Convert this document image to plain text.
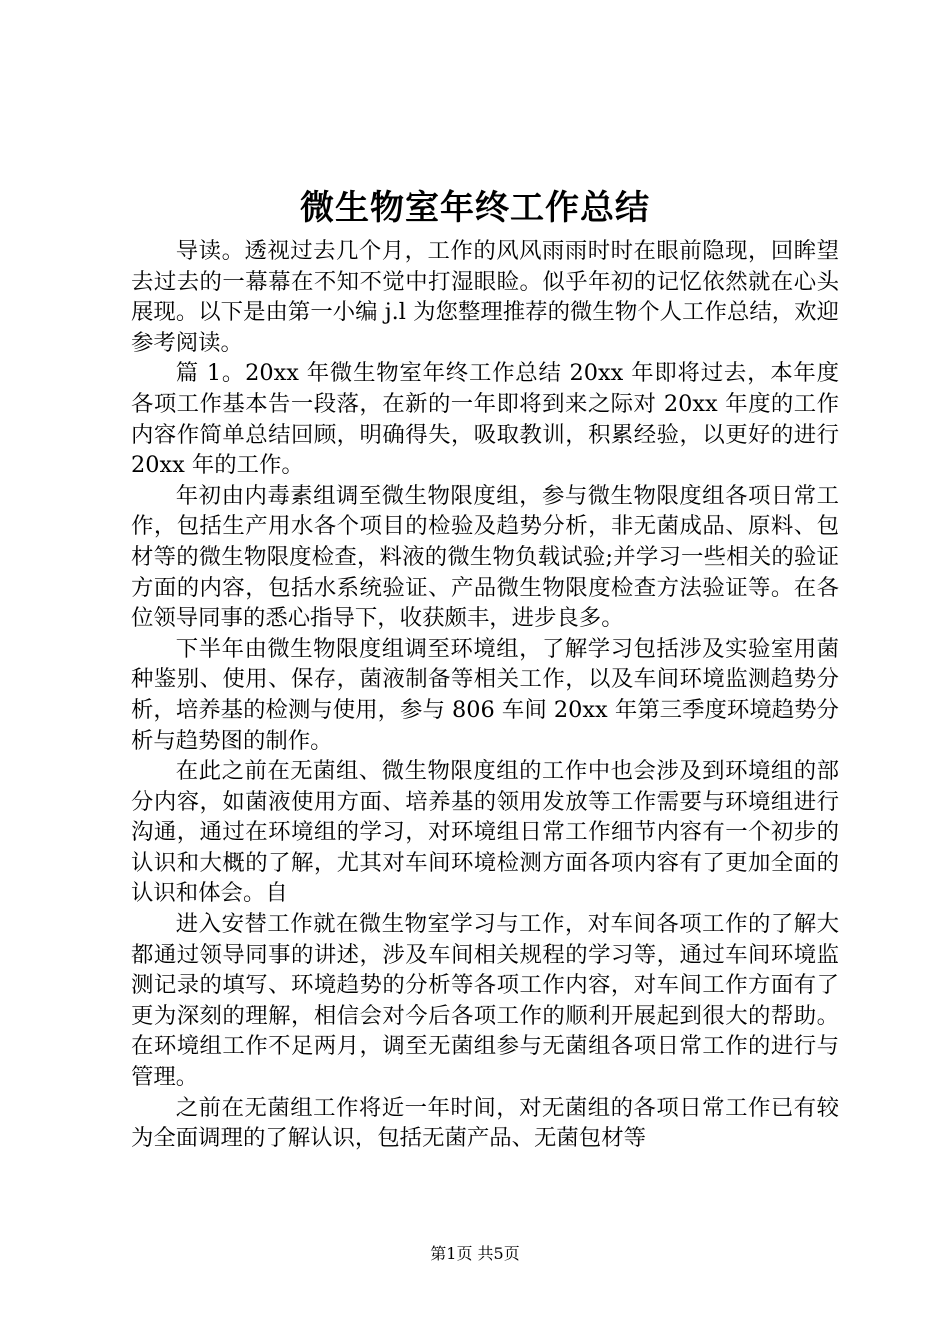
微生物室年终工作总结

导读。透视过去几个月，工作的风风雨雨时时在眼前隐现，回眸望去过去的一幕幕在不知不觉中打湿眼睑。似乎年初的记忆依然就在心头展现。以下是由第一小编 j.l 为您整理推荐的微生物个人工作总结，欢迎参考阅读。

篇 1。20xx 年微生物室年终工作总结 20xx 年即将过去，本年度各项工作基本告一段落，在新的一年即将到来之际对 20xx 年度的工作内容作简单总结回顾，明确得失，吸取教训，积累经验，以更好的进行 20xx 年的工作。

年初由内毒素组调至微生物限度组，参与微生物限度组各项日常工作，包括生产用水各个项目的检验及趋势分析，非无菌成品、原料、包材等的微生物限度检查，料液的微生物负载试验;并学习一些相关的验证方面的内容，包括水系统验证、产品微生物限度检查方法验证等。在各位领导同事的悉心指导下，收获颇丰，进步良多。

下半年由微生物限度组调至环境组，了解学习包括涉及实验室用菌种鉴别、使用、保存，菌液制备等相关工作，以及车间环境监测趋势分析，培养基的检测与使用，参与 806 车间 20xx 年第三季度环境趋势分析与趋势图的制作。

在此之前在无菌组、微生物限度组的工作中也会涉及到环境组的部分内容，如菌液使用方面、培养基的领用发放等工作需要与环境组进行沟通，通过在环境组的学习，对环境组日常工作细节内容有一个初步的认识和大概的了解，尤其对车间环境检测方面各项内容有了更加全面的认识和体会。自

进入安替工作就在微生物室学习与工作，对车间各项工作的了解大都通过领导同事的讲述，涉及车间相关规程的学习等，通过车间环境监测记录的填写、环境趋势的分析等各项工作内容，对车间工作方面有了更为深刻的理解，相信会对今后各项工作的顺利开展起到很大的帮助。在环境组工作不足两月，调至无菌组参与无菌组各项日常工作的进行与管理。

之前在无菌组工作将近一年时间，对无菌组的各项日常工作已有较为全面调理的了解认识，包括无菌产品、无菌包材等

第1页 共5页
